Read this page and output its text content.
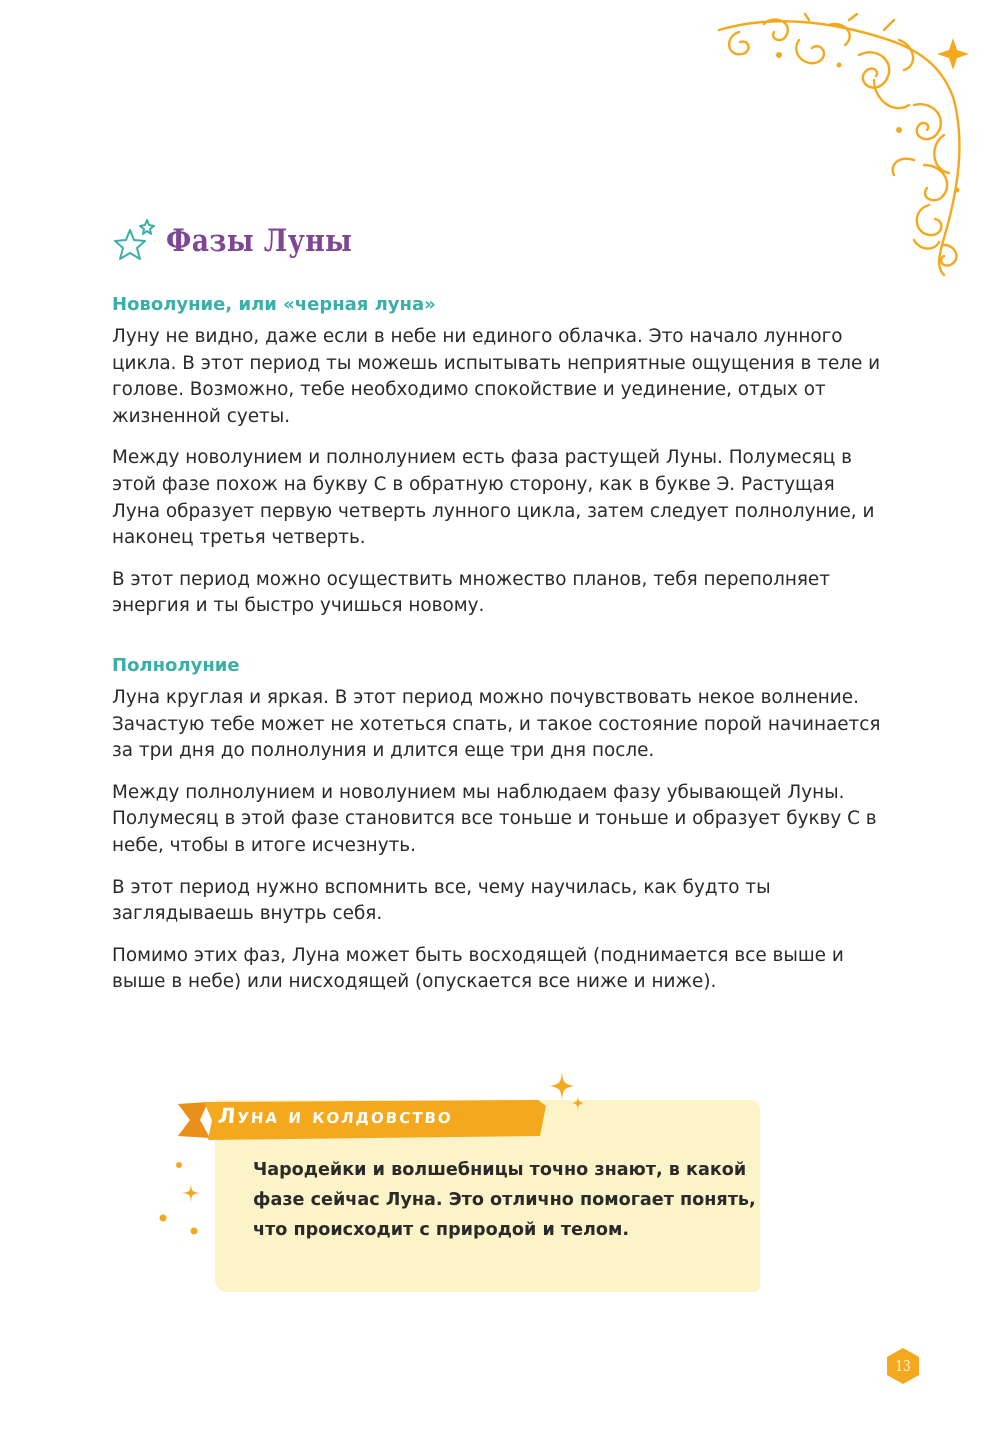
Фазы Луны
Новолуние, или «черная луна»

Луну не видно, даже если в небе ни единого облачка. Это начало лунного цикла. В этот период ты можешь испытывать неприятные ощущения в теле и голове. Возможно, тебе необходимо спокойствие и уединение, отдых от жизненной суеты.

Между новолунием и полнолунием есть фаза растущей Луны. Полумесяц в этой фазе похож на букву С в обратную сторону, как в букве Э. Растущая Луна образует первую четверть лунного цикла, затем следует полнолуние, и наконец третья четверть.

В этот период можно осуществить множество планов, тебя переполняет энергия и ты быстро учишься новому.

Полнолуние

Луна круглая и яркая. В этот период можно почувствовать некое волнение. Зачастую тебе может не хотеться спать, и такое состояние порой начинается за три дня до полнолуния и длится еще три дня после.

Между полнолунием и новолунием мы наблюдаем фазу убывающей Луны. Полумесяц в этой фазе становится все тоньше и тоньше и образует букву С в небе, чтобы в итоге исчезнуть.

В этот период нужно вспомнить все, чему научилась, как будто ты заглядываешь внутрь себя.

Помимо этих фаз, Луна может быть восходящей (поднимается все выше и выше в небе) или нисходящей (опускается все ниже и ниже).

Луна и колдовство
Чародейки и волшебницы точно знают, в какой фазе сейчас Луна. Это отлично помогает понять, что происходит с природой и телом.
13
